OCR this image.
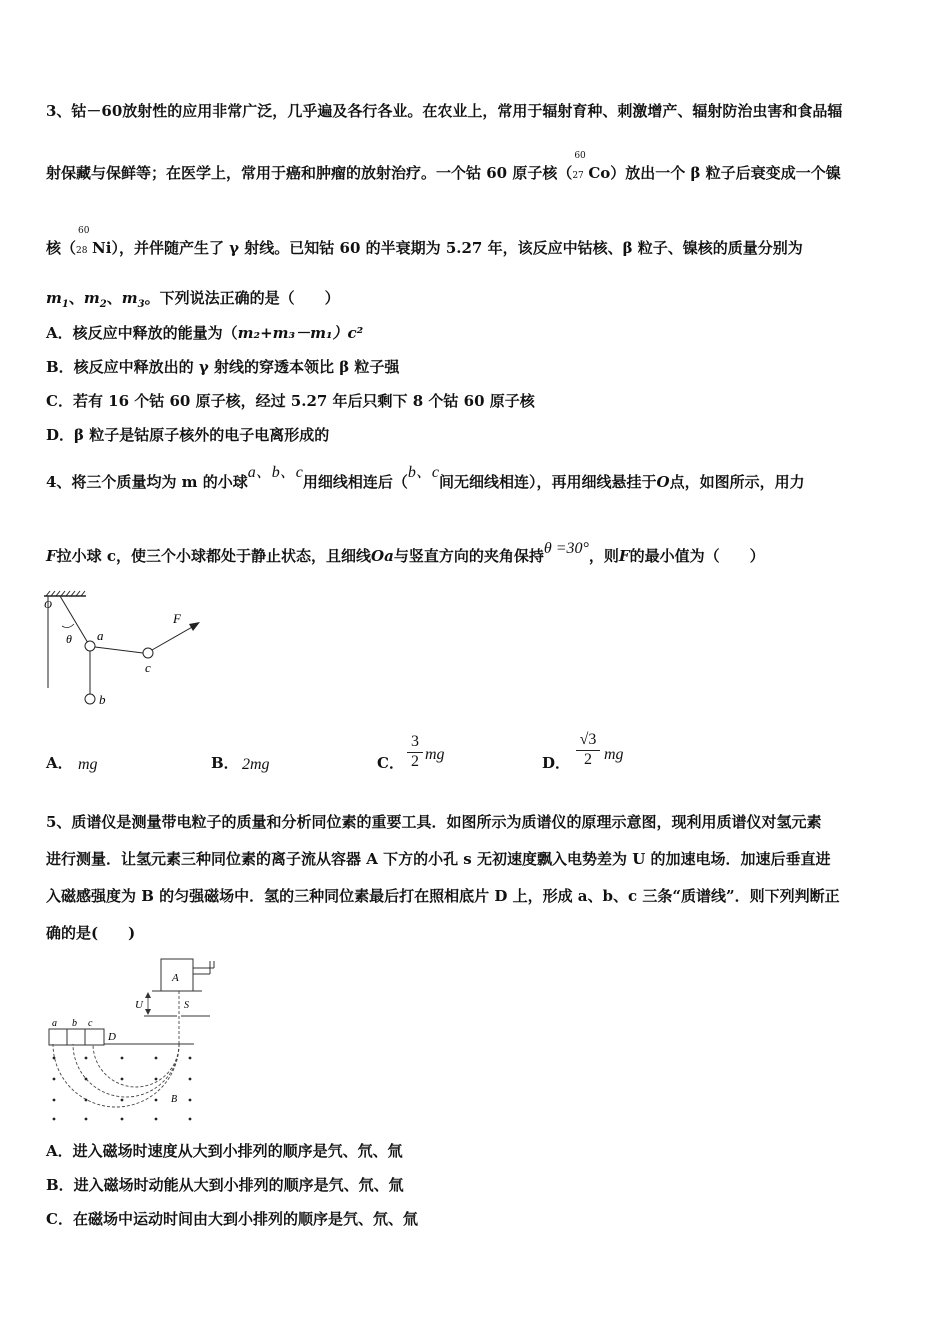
3、钴－60放射性的应用非常广泛，几乎遍及各行各业。在农业上，常用于辐射育种、刺激增产、辐射防治虫害和食品辐
射保藏与保鲜等；在医学上，常用于癌和肿瘤的放射治疗。一个钴 60 原子核（
60
27 Co）放出一个 β 粒子后衰变成一个镍
核（
60
28 Ni），并伴随产生了 γ 射线。已知钴 60 的半衰期为 5.27 年，该反应中钴核、β 粒子、镍核的质量分别为
$m_1$、$m_2$、$m_3$。下列说法正确的是（　　）
A．核反应中释放的能量为（m₂+m₃－m₁）c²
B．核反应中释放出的 γ 射线的穿透本领比 β 粒子强
C．若有 16 个钴 60 原子核，经过 5.27 年后只剩下 8 个钴 60 原子核
D．β 粒子是钴原子核外的电子电离形成的
4、将三个质量均为 m 的小球a、b、c用细线相连后（b、c间无细线相连），再用细线悬挂于O点，如图所示，用力
F拉小球 c，使三个小球都处于静止状态，且细线Oa与竖直方向的夹角保持θ =30°，则F的最小值为（　　）
O
θ a
b
c
F
A． mg	B． 2mg	C． $\frac{3}{2}$ mg	D． $\frac{√3}{2}$ mg
5、质谱仪是测量带电粒子的质量和分析同位素的重要工具．如图所示为质谱仪的原理示意图，现利用质谱仪对氢元素
进行测量．让氢元素三种同位素的离子流从容器 A 下方的小孔 s 无初速度飘入电势差为 U 的加速电场．加速后垂直进
入磁感强度为 B 的匀强磁场中．氢的三种同位素最后打在照相底片 D 上，形成 a、b、c 三条“质谱线”．则下列判断正
确的是(　　)
A
U	S
a b c
D
B
A．进入磁场时速度从大到小排列的顺序是氕、氘、氚
B．进入磁场时动能从大到小排列的顺序是氕、氘、氚
C．在磁场中运动时间由大到小排列的顺序是氕、氘、氚
